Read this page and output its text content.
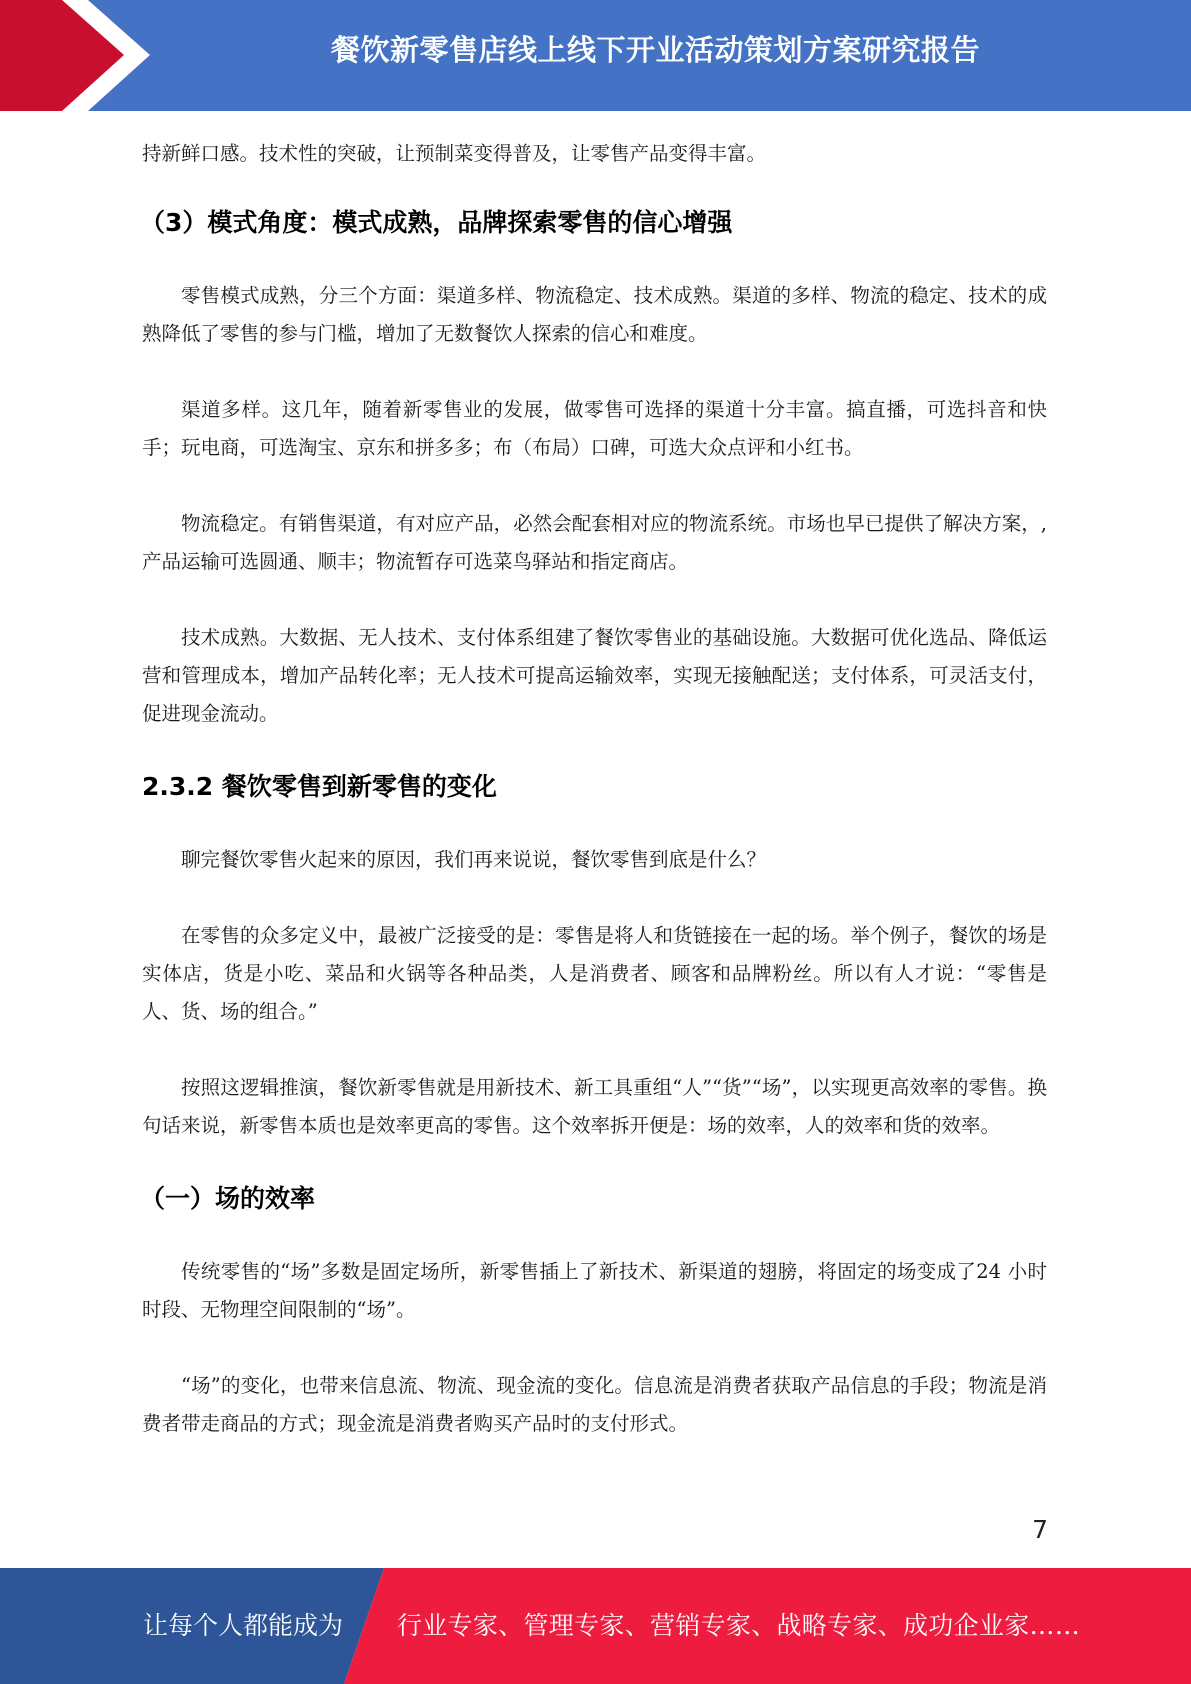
餐饮新零售店线上线下开业活动策划方案研究报告

持新鲜口感。技术性的突破，让预制菜变得普及，让零售产品变得丰富。

（3）模式角度：模式成熟，品牌探索零售的信心增强

零售模式成熟，分三个方面：渠道多样、物流稳定、技术成熟。渠道的多样、物流的稳定、技术的成熟降低了零售的参与门槛，增加了无数餐饮人探索的信心和难度。

渠道多样。这几年，随着新零售业的发展，做零售可选择的渠道十分丰富。搞直播，可选抖音和快手；玩电商，可选淘宝、京东和拼多多；布（布局）口碑，可选大众点评和小红书。

物流稳定。有销售渠道，有对应产品，必然会配套相对应的物流系统。市场也早已提供了解决方案，,产品运输可选圆通、顺丰；物流暂存可选菜鸟驿站和指定商店。

技术成熟。大数据、无人技术、支付体系组建了餐饮零售业的基础设施。大数据可优化选品、降低运营和管理成本，增加产品转化率；无人技术可提高运输效率，实现无接触配送；支付体系，可灵活支付，促进现金流动。

2.3.2 餐饮零售到新零售的变化

聊完餐饮零售火起来的原因，我们再来说说，餐饮零售到底是什么？

在零售的众多定义中，最被广泛接受的是：零售是将人和货链接在一起的场。举个例子，餐饮的场是实体店，货是小吃、菜品和火锅等各种品类，人是消费者、顾客和品牌粉丝。所以有人才说：“零售是人、货、场的组合。”

按照这逻辑推演，餐饮新零售就是用新技术、新工具重组“人”“货”“场”，以实现更高效率的零售。换句话来说，新零售本质也是效率更高的零售。这个效率拆开便是：场的效率，人的效率和货的效率。

（一）场的效率

传统零售的“场”多数是固定场所，新零售插上了新技术、新渠道的翅膀，将固定的场变成了24 小时时段、无物理空间限制的“场”。

“场”的变化，也带来信息流、物流、现金流的变化。信息流是消费者获取产品信息的手段；物流是消费者带走商品的方式；现金流是消费者购买产品时的支付形式。

7
让每个人都能成为 行业专家、管理专家、营销专家、战略专家、成功企业家……
